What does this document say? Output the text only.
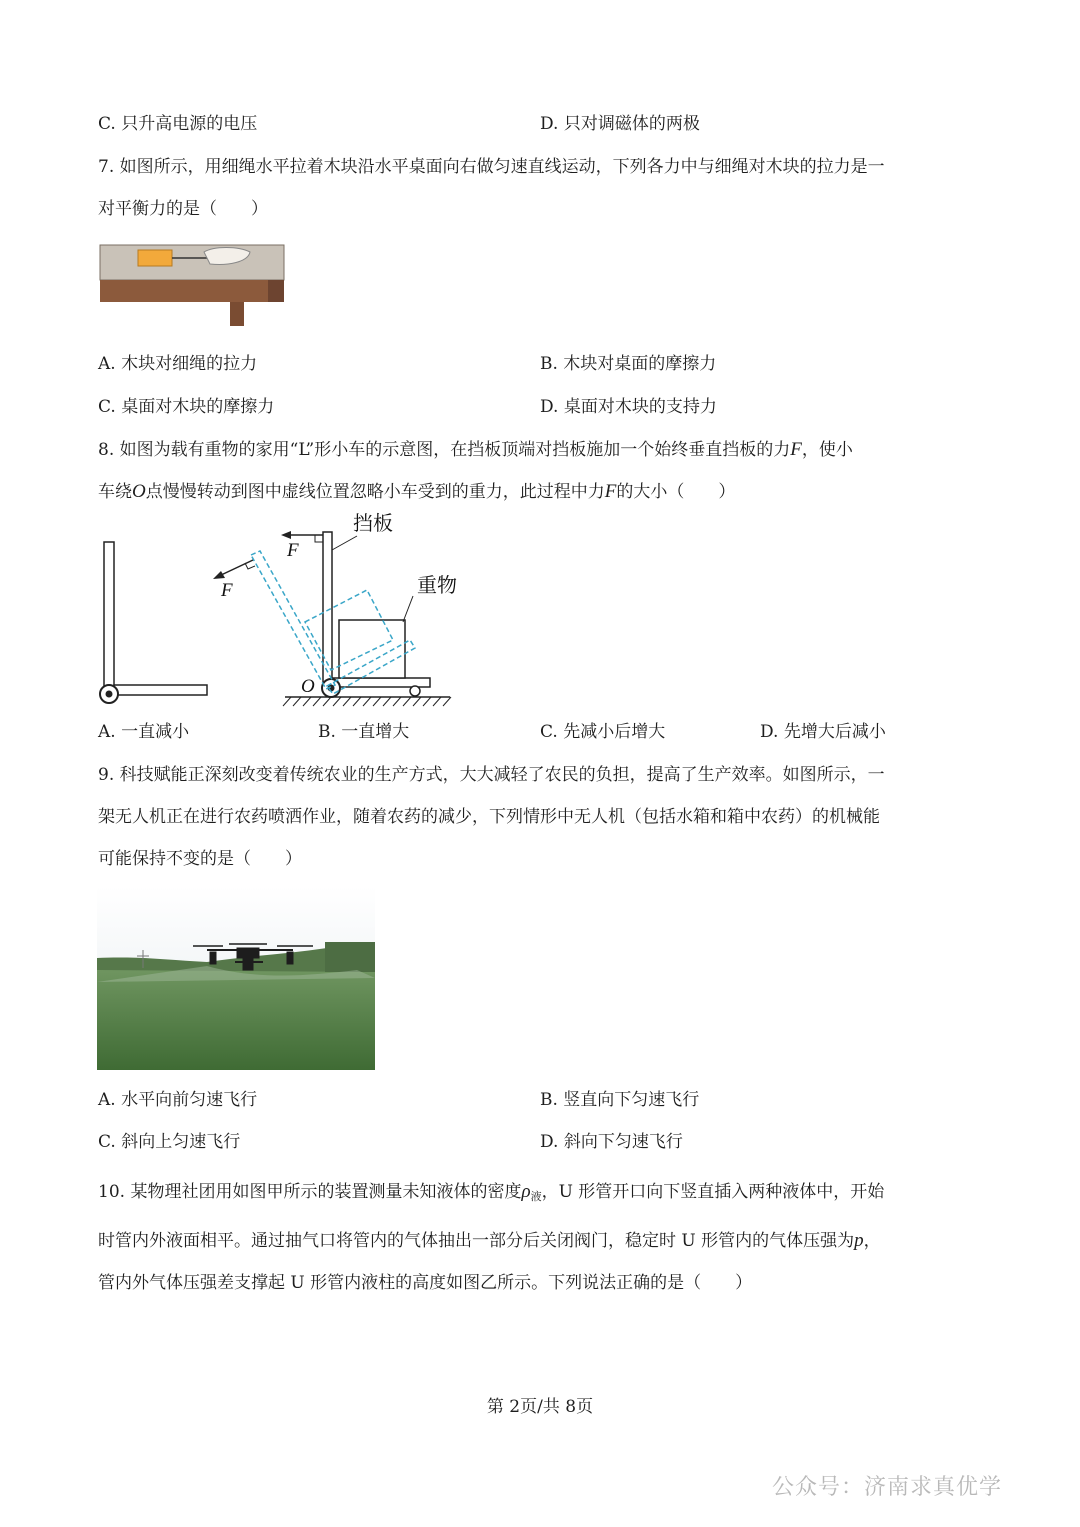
C. 只升高电源的电压	D. 只对调磁体的两极
7. 如图所示，用细绳水平拉着木块沿水平桌面向右做匀速直线运动，下列各力中与细绳对木块的拉力是一
对平衡力的是（　　）
A. 木块对细绳的拉力	B. 木块对桌面的摩擦力
C. 桌面对木块的摩擦力	D. 桌面对木块的支持力
8. 如图为载有重物的家用“L”形小车的示意图，在挡板顶端对挡板施加一个始终垂直挡板的力F，使小
车绕O点慢慢转动到图中虚线位置忽略小车受到的重力，此过程中力F的大小（　　）
挡板
重物
F
F
O
A. 一直减小	B. 一直增大	C. 先减小后增大	D. 先增大后减小
9. 科技赋能正深刻改变着传统农业的生产方式，大大减轻了农民的负担，提高了生产效率。如图所示，一
架无人机正在进行农药喷洒作业，随着农药的减少，下列情形中无人机（包括水箱和箱中农药）的机械能
可能保持不变的是（　　）
A. 水平向前匀速飞行	B. 竖直向下匀速飞行
C. 斜向上匀速飞行	D. 斜向下匀速飞行
10. 某物理社团用如图甲所示的装置测量未知液体的密度$\rho_液$，U 形管开口向下竖直插入两种液体中，开始
时管内外液面相平。通过抽气口将管内的气体抽出一部分后关闭阀门，稳定时 U 形管内的气体压强为p，
管内外气体压强差支撑起 U 形管内液柱的高度如图乙所示。下列说法正确的是（　　）
第 2页/共 8页
公众号：济南求真优学
